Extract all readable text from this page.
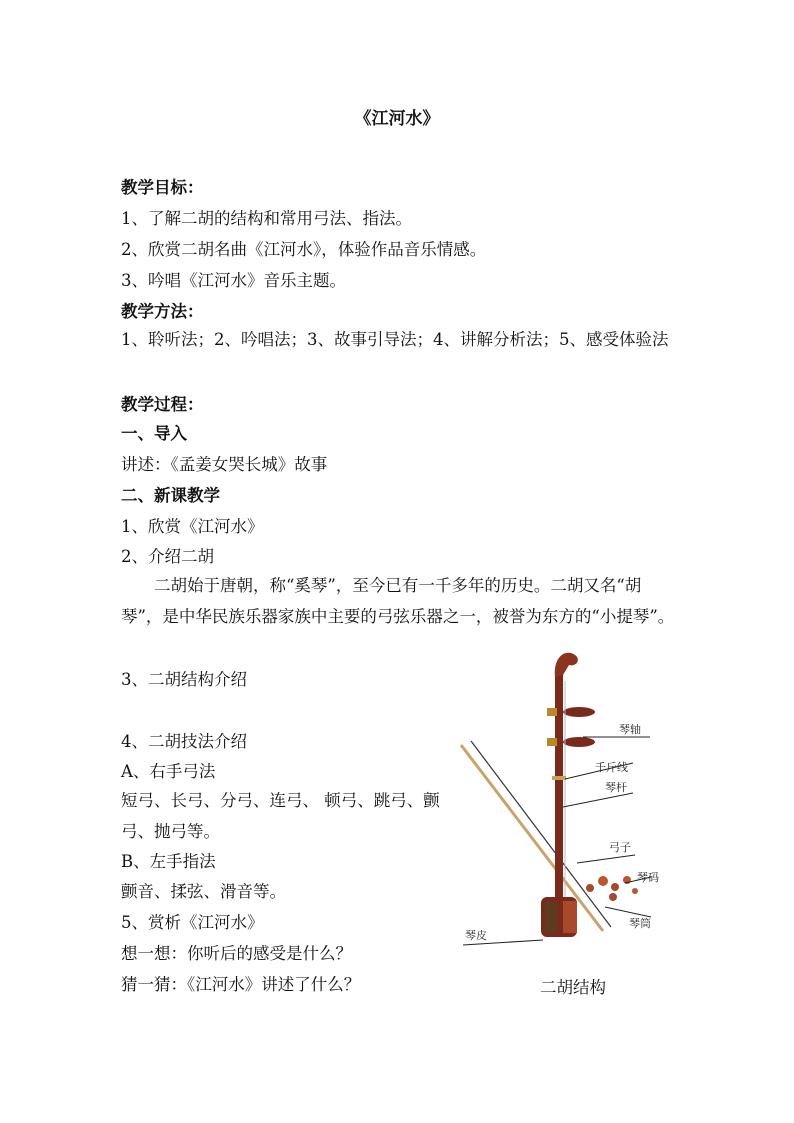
《江河水》
教学目标：
1、了解二胡的结构和常用弓法、指法。
2、欣赏二胡名曲《江河水》，体验作品音乐情感。
3、吟唱《江河水》音乐主题。
教学方法：
1、聆听法；2、吟唱法；3、故事引导法；4、讲解分析法；5、感受体验法
教学过程：
一、导入
讲述：《孟姜女哭长城》故事
二、新课教学
1、欣赏《江河水》
2、介绍二胡
二胡始于唐朝，称“奚琴”，至今已有一千多年的历史。二胡又名“胡琴”，是中华民族乐器家族中主要的弓弦乐器之一，被誉为东方的“小提琴”。
3、二胡结构介绍
4、二胡技法介绍
A、右手弓法
短弓、长弓、分弓、连弓、 顿弓、跳弓、颤弓、抛弓等。
B、左手指法
颤音、揉弦、滑音等。
5、赏析《江河水》
想一想：你听后的感受是什么？
猜一猜：《江河水》讲述了什么？
琴轴
千斤线
琴杆
弓子
琴码
琴筒
琴皮
二胡结构
